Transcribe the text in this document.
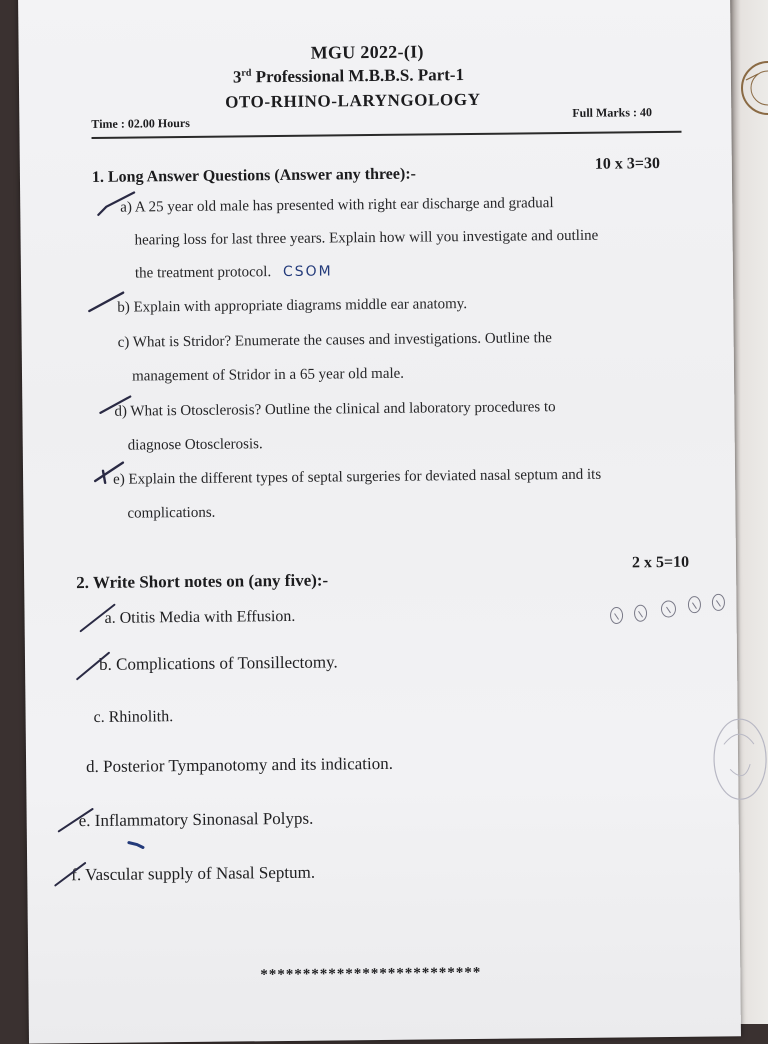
MGU 2022-(I)
3rd Professional M.B.B.S. Part-1
OTO-RHINO-LARYNGOLOGY
Time : 02.00 Hours
Full Marks : 40
1. Long Answer Questions (Answer any three):-
10 x 3=30
a) A 25 year old male has presented with right ear discharge and gradual
hearing loss for last three years. Explain how will you investigate and outline
the treatment protocol. CSOM
b) Explain with appropriate diagrams middle ear anatomy.
c) What is Stridor? Enumerate the causes and investigations. Outline the
management of Stridor in a 65 year old male.
d) What is Otosclerosis? Outline the clinical and laboratory procedures to
diagnose Otosclerosis.
e) Explain the different types of septal surgeries for deviated nasal septum and its
complications.
2. Write Short notes on (any five):-
2 x 5=10
a. Otitis Media with Effusion.
b. Complications of Tonsillectomy.
c. Rhinolith.
d. Posterior Tympanotomy and its indication.
e. Inflammatory Sinonasal Polyps.
f. Vascular supply of Nasal Septum.
**************************
